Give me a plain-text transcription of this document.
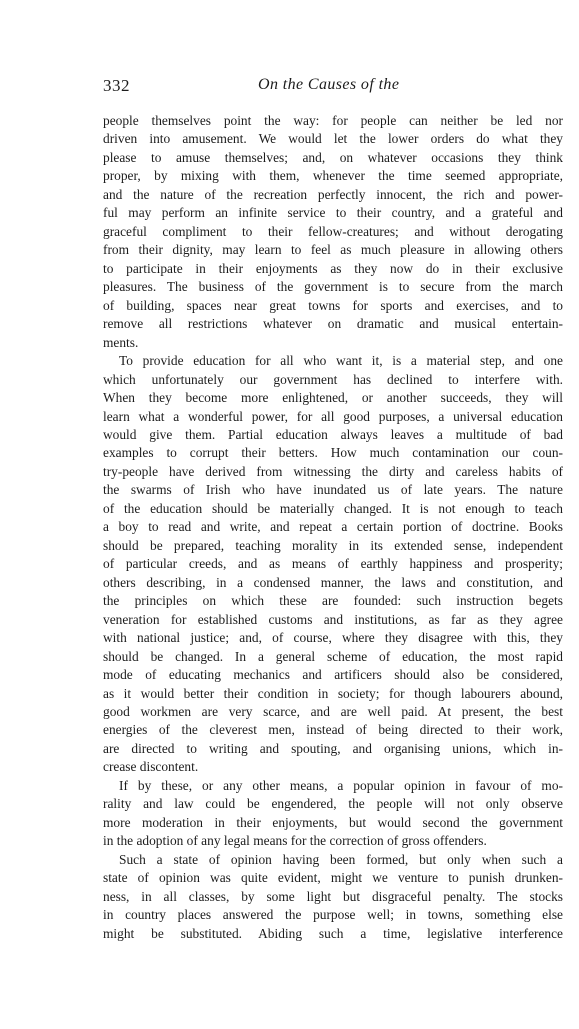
332	On the Causes of the
people themselves point the way: for people can neither be led nor
driven into amusement. We would let the lower orders do what they
please to amuse themselves; and, on whatever occasions they think
proper, by mixing with them, whenever the time seemed appropriate,
and the nature of the recreation perfectly innocent, the rich and power-
ful may perform an infinite service to their country, and a grateful and
graceful compliment to their fellow-creatures; and without derogating
from their dignity, may learn to feel as much pleasure in allowing others
to participate in their enjoyments as they now do in their exclusive
pleasures. The business of the government is to secure from the march
of building, spaces near great towns for sports and exercises, and to
remove all restrictions whatever on dramatic and musical entertain-
ments.
To provide education for all who want it, is a material step, and one
which unfortunately our government has declined to interfere with.
When they become more enlightened, or another succeeds, they will
learn what a wonderful power, for all good purposes, a universal education
would give them. Partial education always leaves a multitude of bad
examples to corrupt their betters. How much contamination our coun-
try-people have derived from witnessing the dirty and careless habits of
the swarms of Irish who have inundated us of late years. The nature
of the education should be materially changed. It is not enough to teach
a boy to read and write, and repeat a certain portion of doctrine. Books
should be prepared, teaching morality in its extended sense, independent
of particular creeds, and as means of earthly happiness and prosperity;
others describing, in a condensed manner, the laws and constitution, and
the principles on which these are founded: such instruction begets
veneration for established customs and institutions, as far as they agree
with national justice; and, of course, where they disagree with this, they
should be changed. In a general scheme of education, the most rapid
mode of educating mechanics and artificers should also be considered,
as it would better their condition in society; for though labourers abound,
good workmen are very scarce, and are well paid. At present, the best
energies of the cleverest men, instead of being directed to their work,
are directed to writing and spouting, and organising unions, which in-
crease discontent.
If by these, or any other means, a popular opinion in favour of mo-
rality and law could be engendered, the people will not only observe
more moderation in their enjoyments, but would second the government
in the adoption of any legal means for the correction of gross offenders.
Such a state of opinion having been formed, but only when such a
state of opinion was quite evident, might we venture to punish drunken-
ness, in all classes, by some light but disgraceful penalty. The stocks
in country places answered the purpose well; in towns, something else
might be substituted. Abiding such a time, legislative interference
